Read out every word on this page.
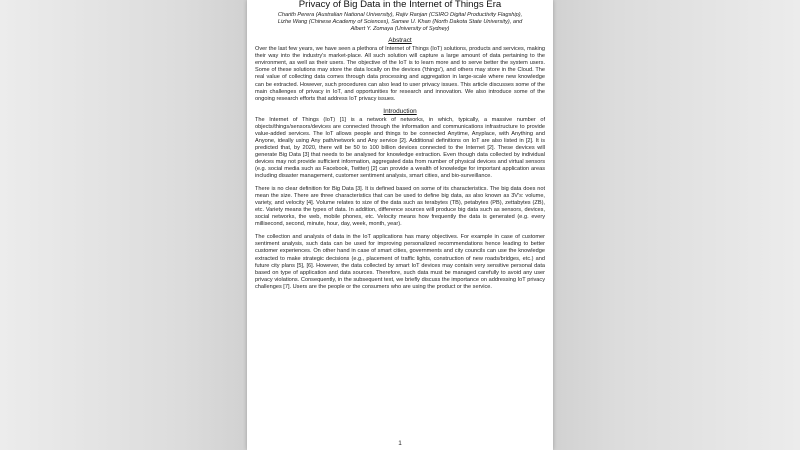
Privacy of Big Data in the Internet of Things Era
Charith Perera (Australian National University), Rajiv Ranjan (CSIRO Digital Productivity Flagship),
Lizhe Wang (Chinese Academy of Sciences), Samee U. Khan (North Dakota State University), and
Albert Y. Zomaya (University of Sydney)
Abstract

Over the last few years, we have seen a plethora of Internet of Things (IoT) solutions, products and services, making their way into the industry's market-place. All such solution will capture a large amount of data pertaining to the environment, as well as their users. The objective of the IoT is to learn more and to serve better the system users. Some of these solutions may store the data locally on the devices ('things'), and others may store in the Cloud. The real value of collecting data comes through data processing and aggregation in large-scale where new knowledge can be extracted. However, such procedures can also lead to user privacy issues. This article discusses some of the main challenges of privacy in IoT, and opportunities for research and innovation. We also introduce some of the ongoing research efforts that address IoT privacy issues.

Introduction

The Internet of Things (IoT) [1] is a network of networks, in which, typically, a massive number of objects/things/sensors/devices are connected through the information and communications infrastructure to provide value-added services. The IoT allows people and things to be connected Anytime, Anyplace, with Anything and Anyone, ideally using Any path/network and Any service [2]. Additional definitions on IoT are also listed in [2]. It is predicted that, by 2020, there will be 50 to 100 billion devices connected to the Internet [2]. These devices will generate Big Data [3] that needs to be analysed for knowledge extraction. Even though data collected by individual devices may not provide sufficient information, aggregated data from number of physical devices and virtual sensors (e.g. social media such as Facebook, Twitter) [2] can provide a wealth of knowledge for important application areas including disaster management, customer sentiment analysis, smart cities, and bio-surveillance.

There is no clear definition for Big Data [3]. It is defined based on some of its characteristics. The big data does not mean the size. There are three characteristics that can be used to define big data, as also known as 3V's: volume, variety, and velocity [4]. Volume relates to size of the data such as terabytes (TB), petabytes (PB), zettabytes (ZB), etc. Variety means the types of data. In addition, difference sources will produce big data such as sensors, devices, social networks, the web, mobile phones, etc. Velocity means how frequently the data is generated (e.g. every millisecond, second, minute, hour, day, week, month, year).

The collection and analysis of data in the IoT applications has many objectives. For example in case of customer sentiment analysis, such data can be used for improving personalized recommendations hence leading to better customer experiences. On other hand in case of smart cities, governments and city councils can use the knowledge extracted to make strategic decisions (e.g., placement of traffic lights, construction of new roads/bridges, etc.) and future city plans [5], [6]. However, the data collected by smart IoT devices may contain very sensitive personal data based on type of application and data sources. Therefore, such data must be managed carefully to avoid any user privacy violations. Consequently, in the subsequent text, we briefly discuss the importance on addressing IoT privacy challenges [7]. Users are the people or the consumers who are using the product or the service.

1
